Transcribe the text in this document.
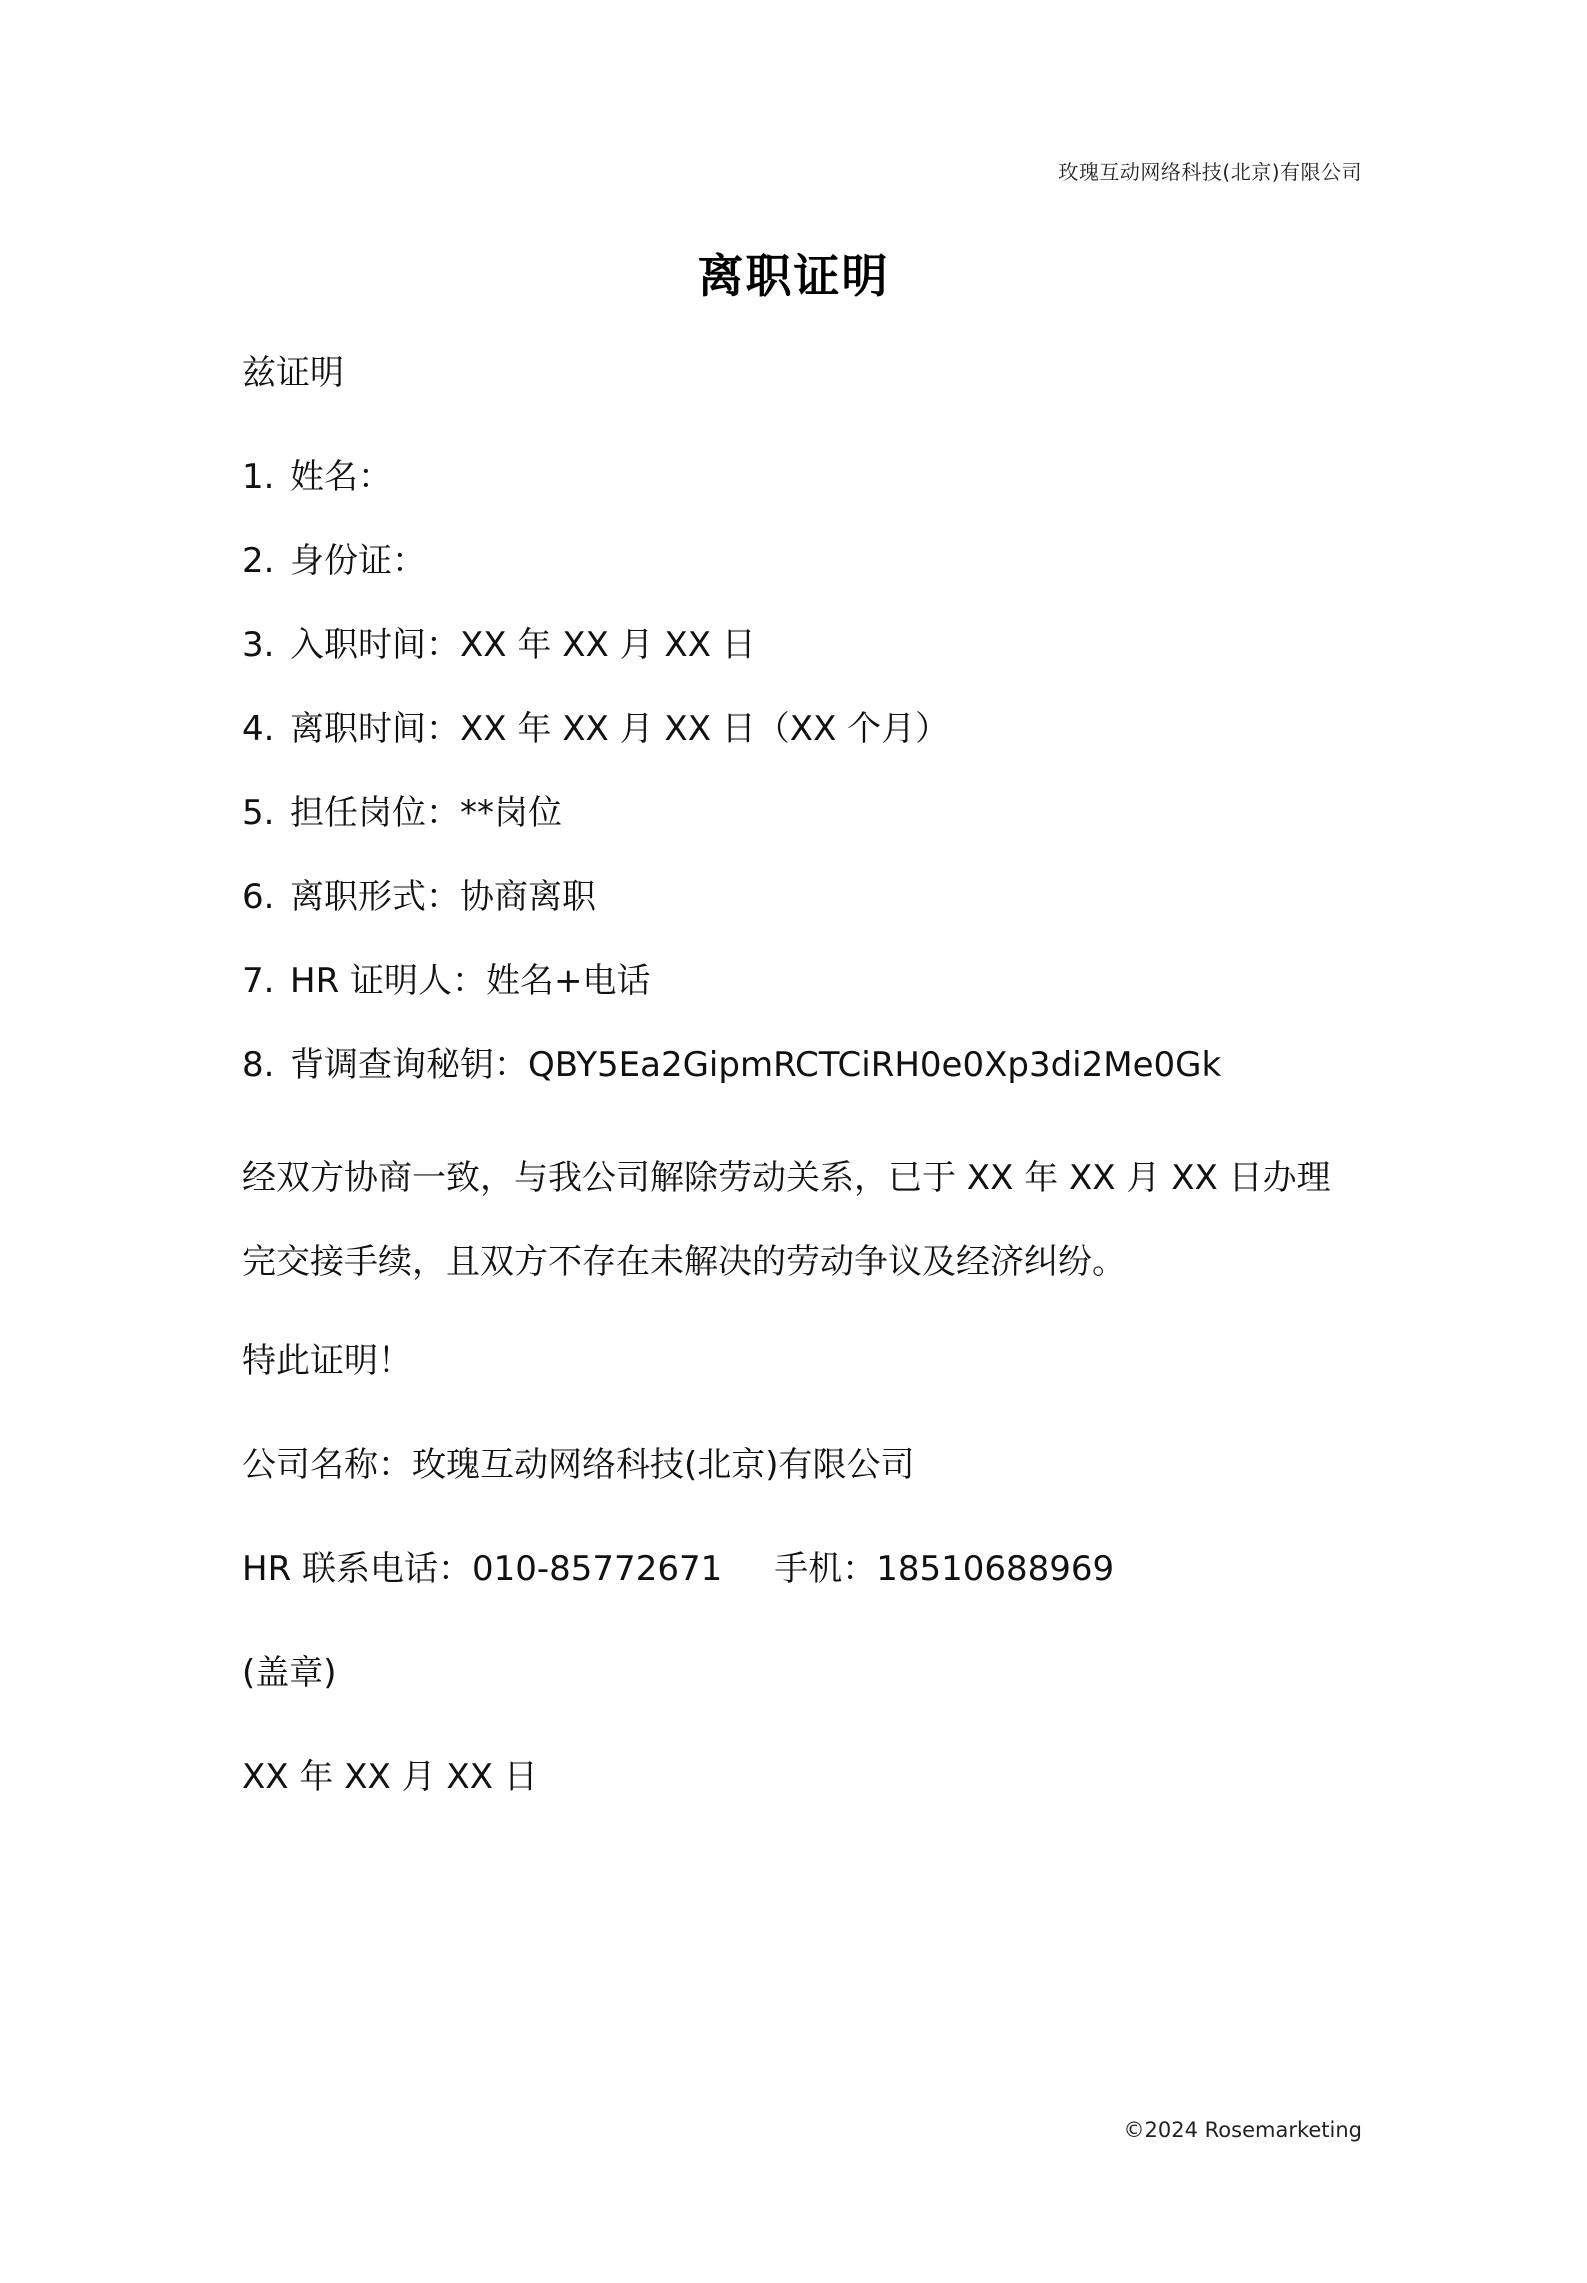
玫瑰互动网络科技(北京)有限公司
离职证明
兹证明
1. 姓名：
2. 身份证：
3. 入职时间：XX 年 XX 月 XX 日
4. 离职时间：XX 年 XX 月 XX 日（XX 个月）
5. 担任岗位：**岗位
6. 离职形式：协商离职
7. HR 证明人：姓名+电话
8. 背调查询秘钥：QBY5Ea2GipmRCTCiRH0e0Xp3di2Me0Gk
经双方协商一致，与我公司解除劳动关系，已于 XX 年 XX 月 XX 日办理完交接手续，且双方不存在未解决的劳动争议及经济纠纷。
特此证明！
公司名称：玫瑰互动网络科技(北京)有限公司
HR 联系电话：010-85772671 手机：18510688969
(盖章)
XX 年 XX 月 XX 日
©2024 Rosemarketing
